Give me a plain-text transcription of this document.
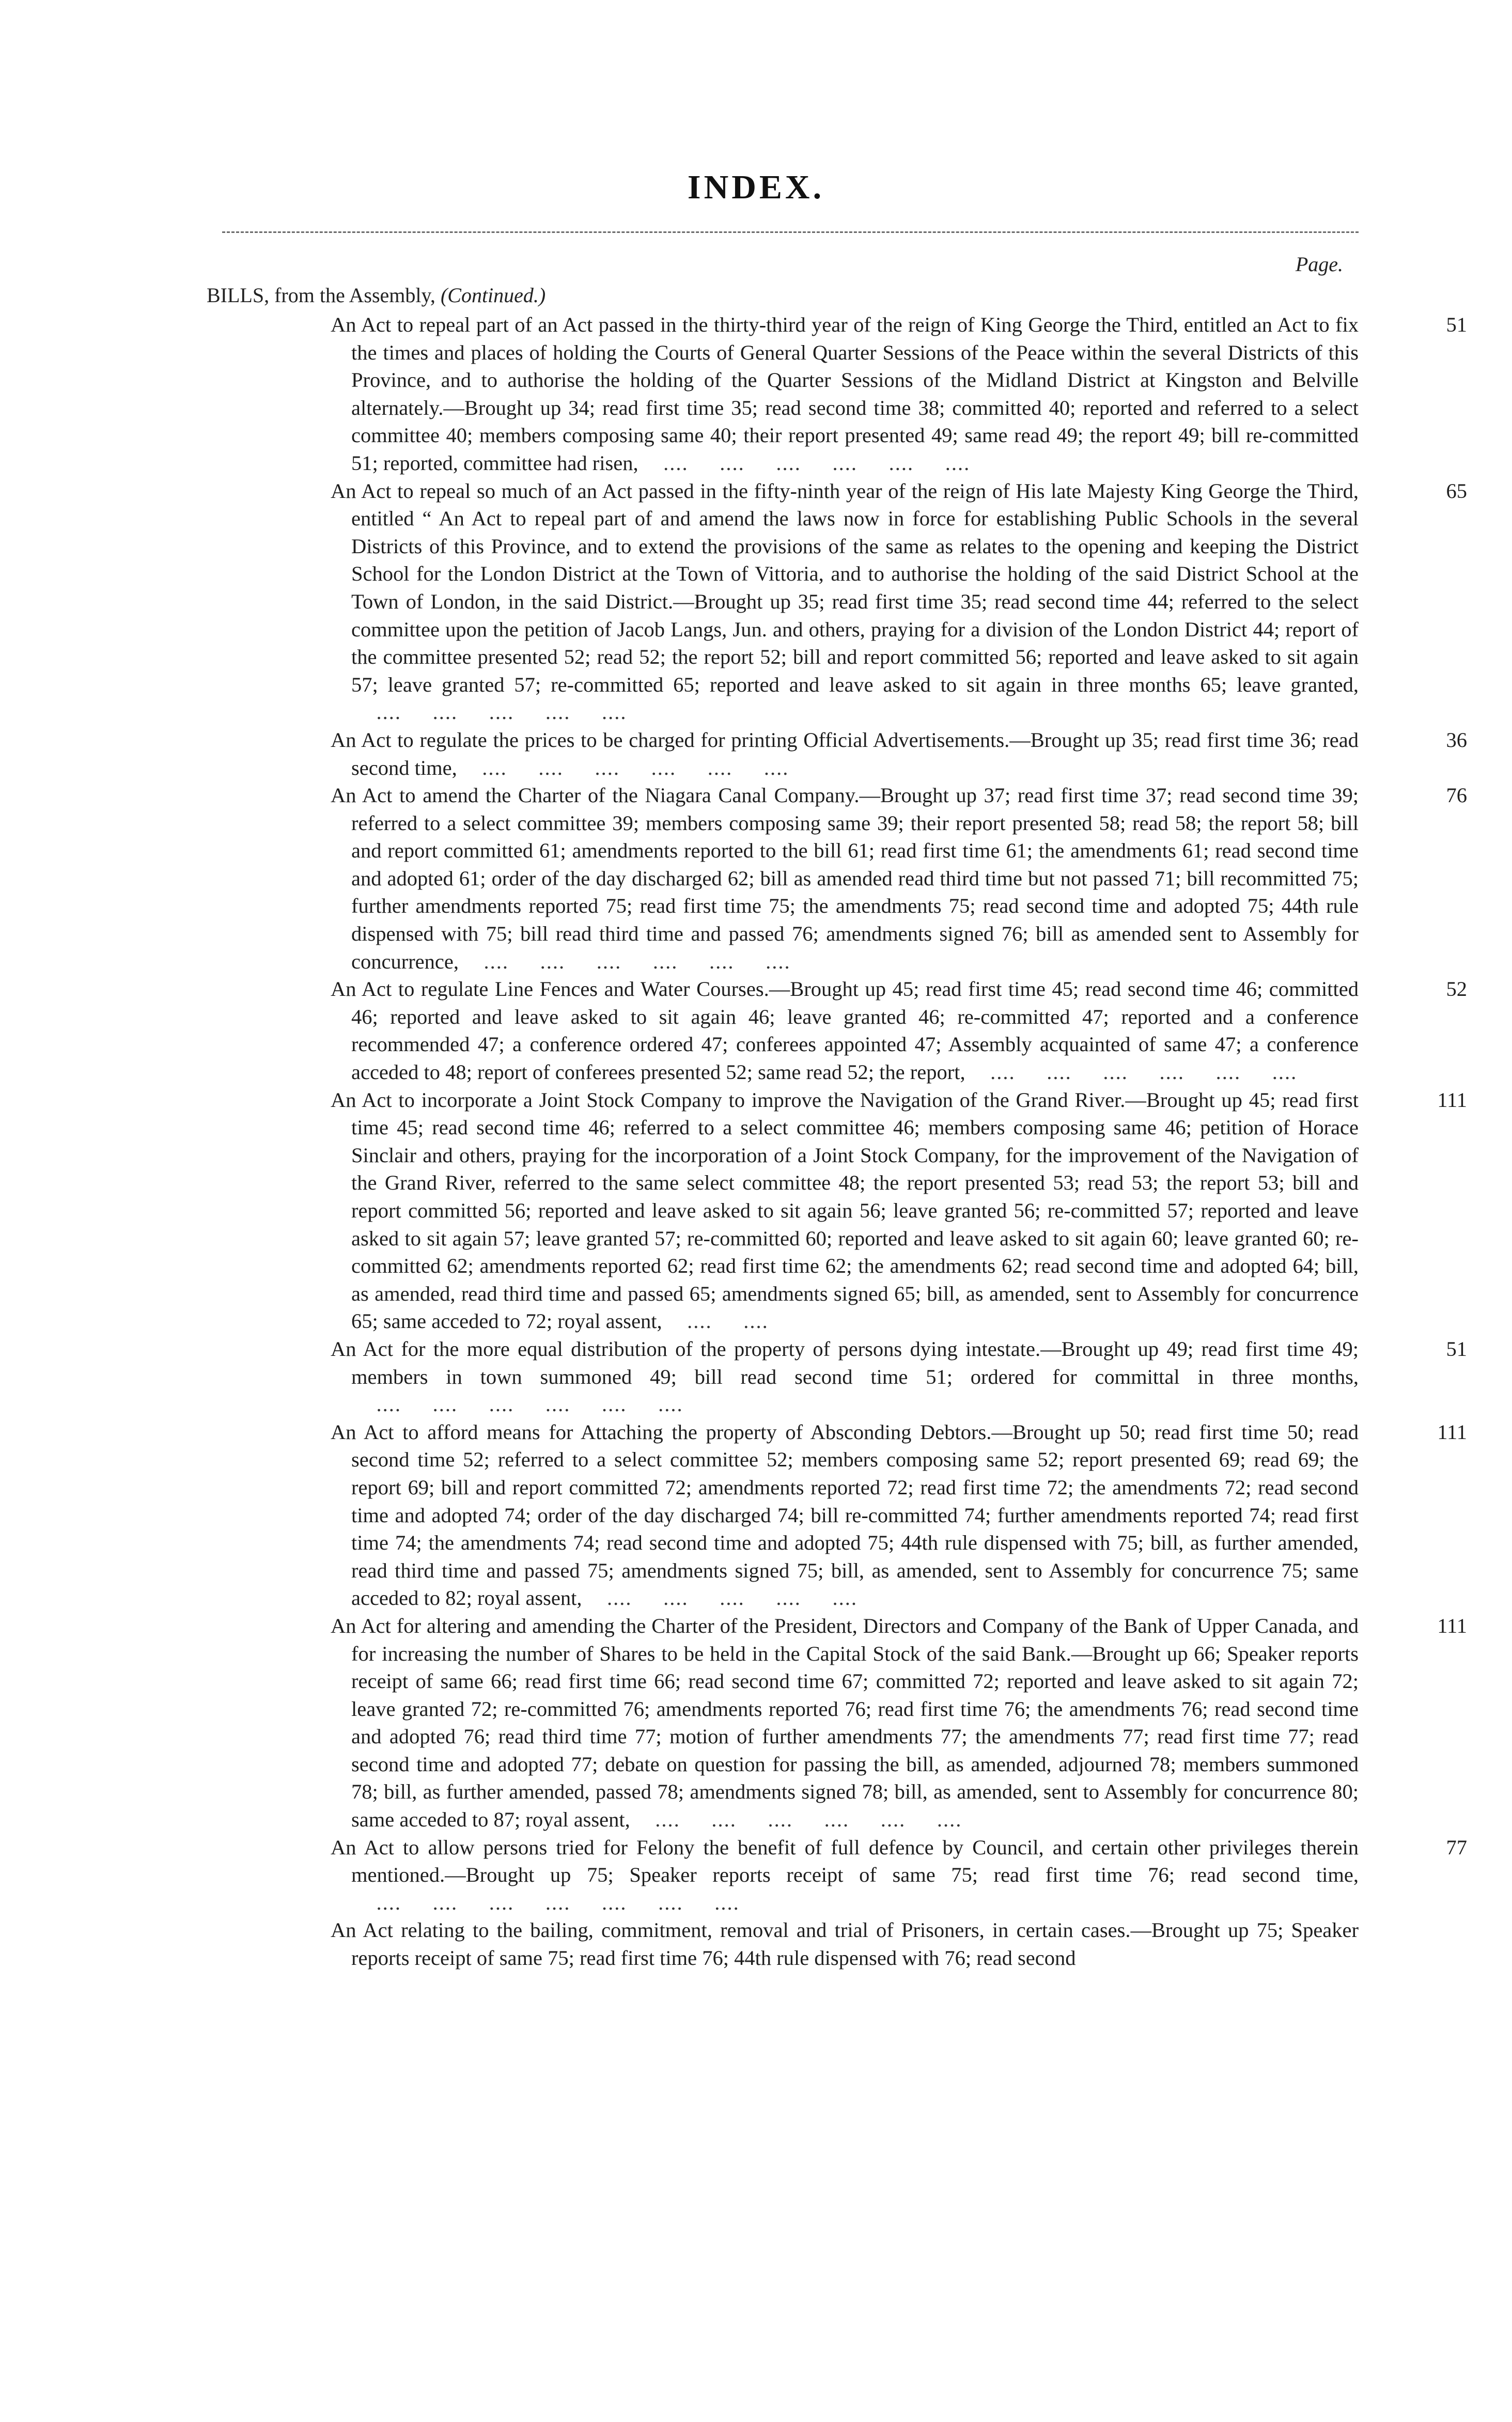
INDEX.
Page.
BILLS, from the Assembly, (Continued.)

51
An Act to repeal part of an Act passed in the thirty-third year of the reign of King George the Third, entitled an Act to fix the times and places of holding the Courts of General Quarter Sessions of the Peace within the several Districts of this Province, and to authorise the holding of the Quarter Sessions of the Midland District at Kingston and Belville alternately.—Brought up 34; read first time 35; read second time 38; committed 40; reported and referred to a select committee 40; members composing same 40; their report presented 49; same read 49; the report 49; bill re-committed 51; reported, committee had risen,    ....     ....     ....     ....     ....     ....

65
An Act to repeal so much of an Act passed in the fifty-ninth year of the reign of His late Majesty King George the Third, entitled “ An Act to repeal part of and amend the laws now in force for establishing Public Schools in the several Districts of this Province, and to extend the provisions of the same as relates to the opening and keeping the District School for the London District at the Town of Vittoria, and to authorise the holding of the said District School at the Town of London, in the said District.—Brought up 35; read first time 35; read second time 44; referred to the select committee upon the petition of Jacob Langs, Jun. and others, praying for a division of the London District 44; report of the committee presented 52; read 52; the report 52; bill and report committed 56; reported and leave asked to sit again 57; leave granted 57; re-committed 65; reported and leave asked to sit again in three months 65; leave granted,    ....     ....     ....     ....     ....

36
An Act to regulate the prices to be charged for printing Official Advertisements.—Brought up 35; read first time 36; read second time,    ....     ....     ....     ....     ....     ....

76
An Act to amend the Charter of the Niagara Canal Company.—Brought up 37; read first time 37; read second time 39; referred to a select committee 39; members composing same 39; their report presented 58; read 58; the report 58; bill and report committed 61; amendments reported to the bill 61; read first time 61; the amendments 61; read second time and adopted 61; order of the day discharged 62; bill as amended read third time but not passed 71; bill recommitted 75; further amendments reported 75; read first time 75; the amendments 75; read second time and adopted 75; 44th rule dispensed with 75; bill read third time and passed 76; amendments signed 76; bill as amended sent to Assembly for concurrence,    ....     ....     ....     ....     ....     ....

52
An Act to regulate Line Fences and Water Courses.—Brought up 45; read first time 45; read second time 46; committed 46; reported and leave asked to sit again 46; leave granted 46; re-committed 47; reported and a conference recommended 47; a conference ordered 47; conferees appointed 47; Assembly acquainted of same 47; a conference acceded to 48; report of conferees presented 52; same read 52; the report,    ....     ....     ....     ....     ....     ....

111
An Act to incorporate a Joint Stock Company to improve the Navigation of the Grand River.—Brought up 45; read first time 45; read second time 46; referred to a select committee 46; members composing same 46; petition of Horace Sinclair and others, praying for the incorporation of a Joint Stock Company, for the improvement of the Navigation of the Grand River, referred to the same select committee 48; the report presented 53; read 53; the report 53; bill and report committed 56; reported and leave asked to sit again 56; leave granted 56; re-committed 57; reported and leave asked to sit again 57; leave granted 57; re-committed 60; reported and leave asked to sit again 60; leave granted 60; re-committed 62; amendments reported 62; read first time 62; the amendments 62; read second time and adopted 64; bill, as amended, read third time and passed 65; amendments signed 65; bill, as amended, sent to Assembly for concurrence 65; same acceded to 72; royal assent,    ....     ....

51
An Act for the more equal distribution of the property of persons dying intestate.—Brought up 49; read first time 49; members in town summoned 49; bill read second time 51; ordered for committal in three months,    ....     ....     ....     ....     ....     ....

111
An Act to afford means for Attaching the property of Absconding Debtors.—Brought up 50; read first time 50; read second time 52; referred to a select committee 52; members composing same 52; report presented 69; read 69; the report 69; bill and report committed 72; amendments reported 72; read first time 72; the amendments 72; read second time and adopted 74; order of the day discharged 74; bill re-committed 74; further amendments reported 74; read first time 74; the amendments 74; read second time and adopted 75; 44th rule dispensed with 75; bill, as further amended, read third time and passed 75; amendments signed 75; bill, as amended, sent to Assembly for concurrence 75; same acceded to 82; royal assent,    ....     ....     ....     ....     ....

111
An Act for altering and amending the Charter of the President, Directors and Company of the Bank of Upper Canada, and for increasing the number of Shares to be held in the Capital Stock of the said Bank.—Brought up 66; Speaker reports receipt of same 66; read first time 66; read second time 67; committed 72; reported and leave asked to sit again 72; leave granted 72; re-committed 76; amendments reported 76; read first time 76; the amendments 76; read second time and adopted 76; read third time 77; motion of further amendments 77; the amendments 77; read first time 77; read second time and adopted 77; debate on question for passing the bill, as amended, adjourned 78; members summoned 78; bill, as further amended, passed 78; amendments signed 78; bill, as amended, sent to Assembly for concurrence 80; same acceded to 87; royal assent,    ....     ....     ....     ....     ....     ....

77
An Act to allow persons tried for Felony the benefit of full defence by Council, and certain other privileges therein mentioned.—Brought up 75; Speaker reports receipt of same 75; read first time 76; read second time,    ....     ....     ....     ....     ....     ....     ....

An Act relating to the bailing, commitment, removal and trial of Prisoners, in certain cases.—Brought up 75; Speaker reports receipt of same 75; read first time 76; 44th rule dispensed with 76; read second
